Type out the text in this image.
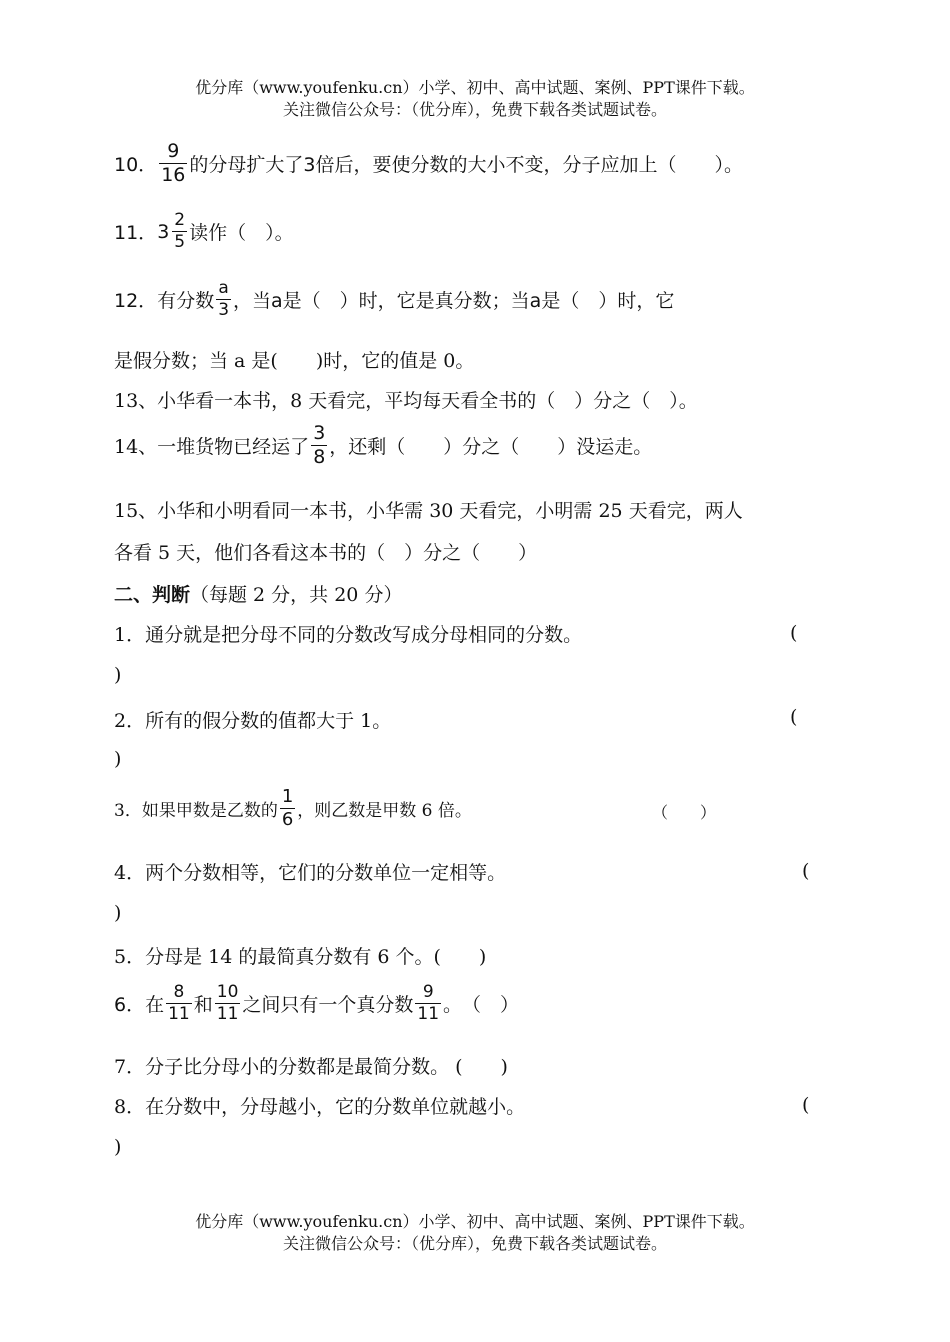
优分库（www.youfenku.cn）小学、初中、高中试题、案例、PPT课件下载。
关注微信公众号：（优分库），免费下载各类试题试卷。
10． $\frac{9}{16}$ 的分母扩大了3倍后，要使分数的大小不变，分子应加上（　　）。
11． $3 \frac{2}{5}$ 读作（　）。
12． 有分数 $\frac{a}{3}$ ，当a是（　）时，它是真分数；当a是（　）时，它
是假分数；当 a 是(　　)时，它的值是 0。
13、小华看一本书，8 天看完，平均每天看全书的（　）分之（　）。
14、一堆货物已经运了 $\frac{3}{8}$ ，还剩（　　）分之（　　）没运走。
15、小华和小明看同一本书，小华需 30 天看完，小明需 25 天看完，两人
各看 5 天，他们各看这本书的（　）分之（　　）
二、判断 （每题 2 分，共 20 分）
1．通分就是把分母不同的分数改写成分母相同的分数。	(
)
2．所有的假分数的值都大于 1。	(
)
3．如果甲数是乙数的 $\frac{1}{6}$ ，则乙数是甲数 6 倍。	（　　）
4．两个分数相等，它们的分数单位一定相等。	(
)
5．分母是 14 的最简真分数有 6 个。(　　)
6．在 $\frac{8}{11}$ 和 $\frac{10}{11}$ 之间只有一个真分数 $\frac{9}{11}$ 。　（　）
7．分子比分母小的分数都是最简分数。 (　　)
8．在分数中，分母越小，它的分数单位就越小。	(
)
优分库（www.youfenku.cn）小学、初中、高中试题、案例、PPT课件下载。
关注微信公众号：（优分库），免费下载各类试题试卷。
